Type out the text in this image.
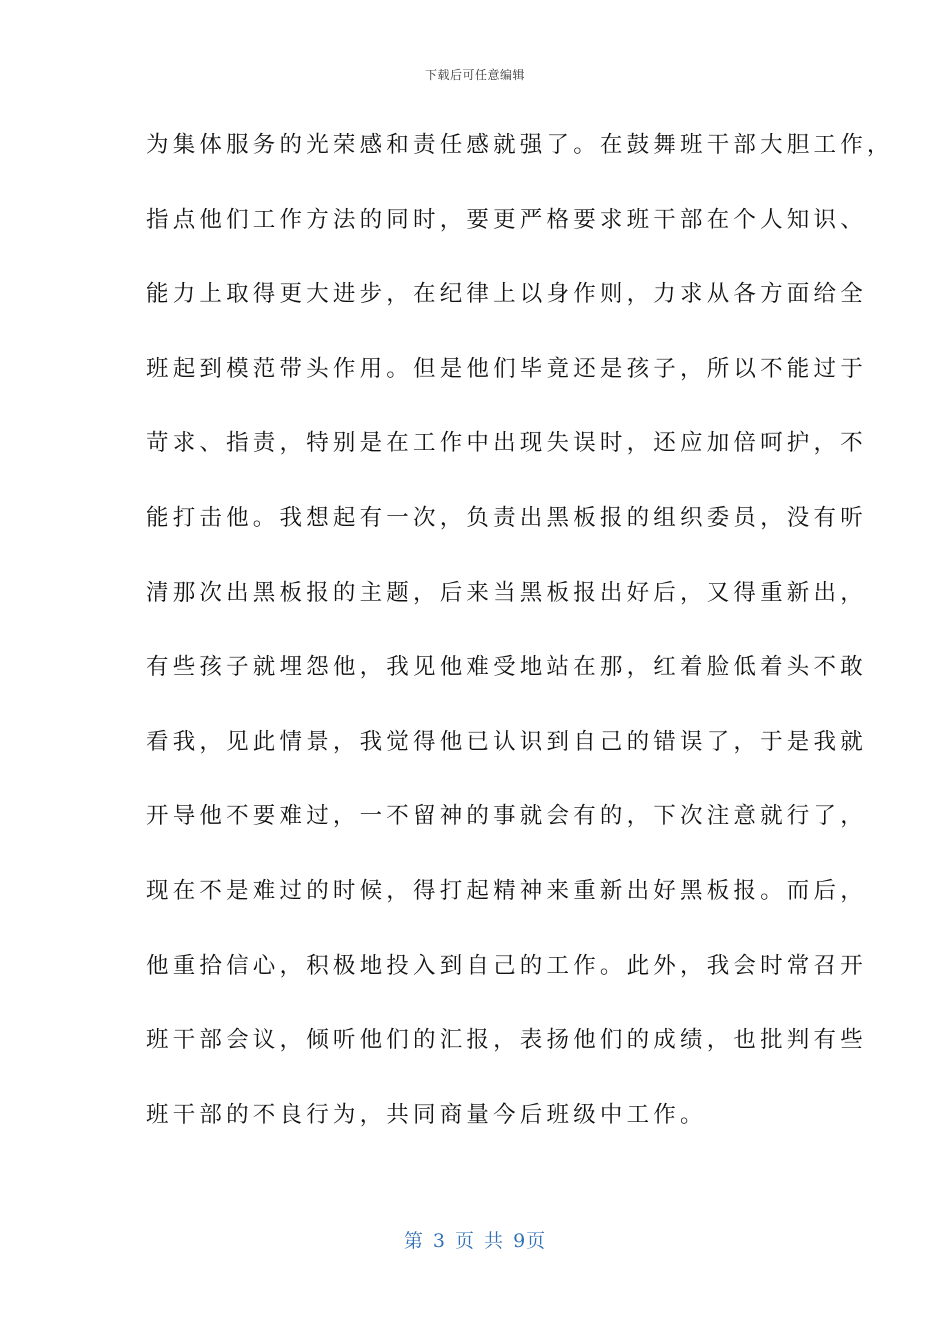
下载后可任意编辑
为集体服务的光荣感和责任感就强了。在鼓舞班干部大胆工作，
指点他们工作方法的同时，要更严格要求班干部在个人知识、
能力上取得更大进步，在纪律上以身作则，力求从各方面给全
班起到模范带头作用。但是他们毕竟还是孩子，所以不能过于
苛求、指责，特别是在工作中出现失误时，还应加倍呵护，不
能打击他。我想起有一次，负责出黑板报的组织委员，没有听
清那次出黑板报的主题，后来当黑板报出好后，又得重新出，
有些孩子就埋怨他，我见他难受地站在那，红着脸低着头不敢
看我，见此情景，我觉得他已认识到自己的错误了，于是我就
开导他不要难过，一不留神的事就会有的，下次注意就行了，
现在不是难过的时候，得打起精神来重新出好黑板报。而后，
他重拾信心，积极地投入到自己的工作。此外，我会时常召开
班干部会议，倾听他们的汇报，表扬他们的成绩，也批判有些
班干部的不良行为，共同商量今后班级中工作。
第 3 页 共 9页
